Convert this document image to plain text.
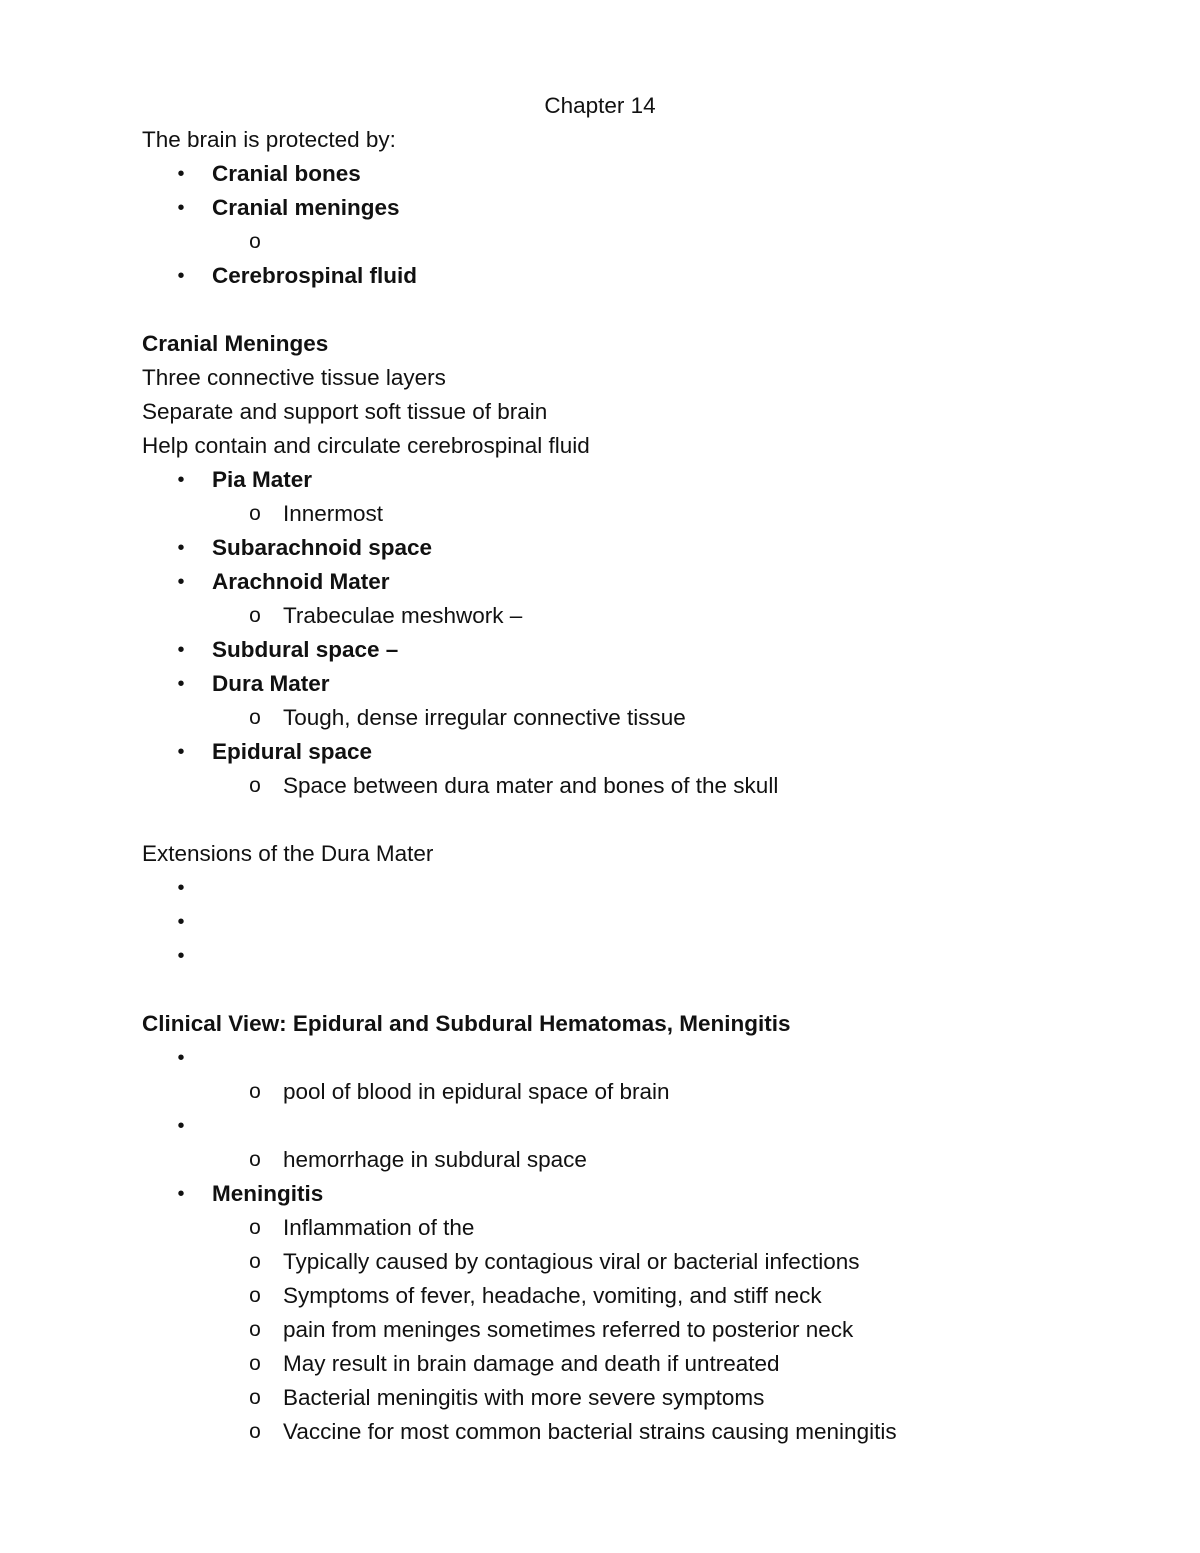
Chapter 14
The brain is protected by:
• Cranial bones
• Cranial meninges
o
• Cerebrospinal fluid
Cranial Meninges
Three connective tissue layers
Separate and support soft tissue of brain
Help contain and circulate cerebrospinal fluid
• Pia Mater
o Innermost
• Subarachnoid space
• Arachnoid Mater
o Trabeculae meshwork –
• Subdural space –
• Dura Mater
o Tough, dense irregular connective tissue
• Epidural space
o Space between dura mater and bones of the skull
Extensions of the Dura Mater
•
•
•
Clinical View: Epidural and Subdural Hematomas, Meningitis
•
o pool of blood in epidural space of brain
•
o hemorrhage in subdural space
• Meningitis
o Inflammation of the
o Typically caused by contagious viral or bacterial infections
o Symptoms of fever, headache, vomiting, and stiff neck
o pain from meninges sometimes referred to posterior neck
o May result in brain damage and death if untreated
o Bacterial meningitis with more severe symptoms
o Vaccine for most common bacterial strains causing meningitis
